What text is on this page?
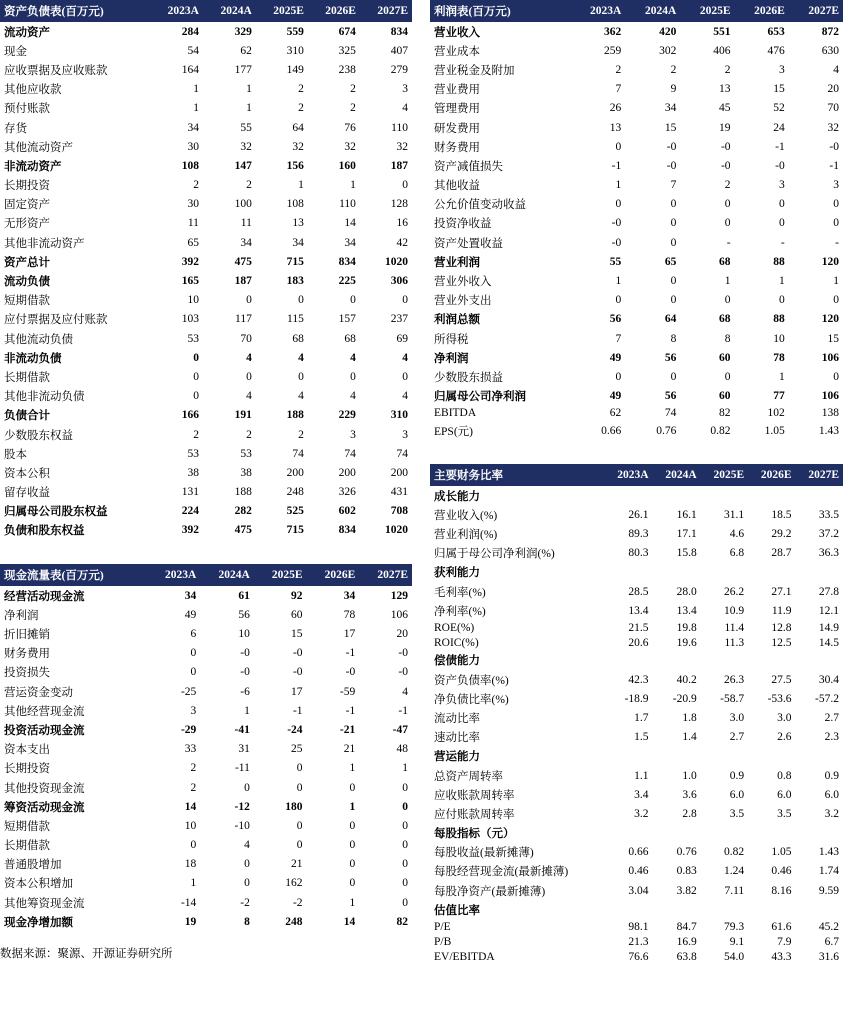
资产负债表(百万元)	2023A	2024A	2025E	2026E	2027E
流动资产	284	329	559	674	834
现金	54	62	310	325	407
应收票据及应收账款	164	177	149	238	279
其他应收款	1	1	2	2	3
预付账款	1	1	2	2	4
存货	34	55	64	76	110
其他流动资产	30	32	32	32	32
非流动资产	108	147	156	160	187
长期投资	2	2	1	1	0
固定资产	30	100	108	110	128
无形资产	11	11	13	14	16
其他非流动资产	65	34	34	34	42
资产总计	392	475	715	834	1020
流动负债	165	187	183	225	306
短期借款	10	0	0	0	0
应付票据及应付账款	103	117	115	157	237
其他流动负债	53	70	68	68	69
非流动负债	0	4	4	4	4
长期借款	0	0	0	0	0
其他非流动负债	0	4	4	4	4
负债合计	166	191	188	229	310
少数股东权益	2	2	2	3	3
股本	53	53	74	74	74
资本公积	38	38	200	200	200
留存收益	131	188	248	326	431
归属母公司股东权益	224	282	525	602	708
负债和股东权益	392	475	715	834	1020
现金流量表(百万元)	2023A	2024A	2025E	2026E	2027E
经营活动现金流	34	61	92	34	129
净利润	49	56	60	78	106
折旧摊销	6	10	15	17	20
财务费用	0	-0	-0	-1	-0
投资损失	0	-0	-0	-0	-0
营运资金变动	-25	-6	17	-59	4
其他经营现金流	3	1	-1	-1	-1
投资活动现金流	-29	-41	-24	-21	-47
资本支出	33	31	25	21	48
长期投资	2	-11	0	1	1
其他投资现金流	2	0	0	0	0
筹资活动现金流	14	-12	180	1	0
短期借款	10	-10	0	0	0
长期借款	0	4	0	0	0
普通股增加	18	0	21	0	0
资本公积增加	1	0	162	0	0
其他筹资现金流	-14	-2	-2	1	0
现金净增加额	19	8	248	14	82
数据来源：聚源、开源证券研究所
利润表(百万元)	2023A	2024A	2025E	2026E	2027E
营业收入	362	420	551	653	872
营业成本	259	302	406	476	630
营业税金及附加	2	2	2	3	4
营业费用	7	9	13	15	20
管理费用	26	34	45	52	70
研发费用	13	15	19	24	32
财务费用	0	-0	-0	-1	-0
资产减值损失	-1	-0	-0	-0	-1
其他收益	1	7	2	3	3
公允价值变动收益	0	0	0	0	0
投资净收益	-0	0	0	0	0
资产处置收益	-0	0	-	-	-
营业利润	55	65	68	88	120
营业外收入	1	0	1	1	1
营业外支出	0	0	0	0	0
利润总额	56	64	68	88	120
所得税	7	8	8	10	15
净利润	49	56	60	78	106
少数股东损益	0	0	0	1	0
归属母公司净利润	49	56	60	77	106
EBITDA	62	74	82	102	138
EPS(元)	0.66	0.76	0.82	1.05	1.43
主要财务比率	2023A	2024A	2025E	2026E	2027E
成长能力					
营业收入(%)	26.1	16.1	31.1	18.5	33.5
营业利润(%)	89.3	17.1	4.6	29.2	37.2
归属于母公司净利润(%)	80.3	15.8	6.8	28.7	36.3
获利能力					
毛利率(%)	28.5	28.0	26.2	27.1	27.8
净利率(%)	13.4	13.4	10.9	11.9	12.1
ROE(%)	21.5	19.8	11.4	12.8	14.9
ROIC(%)	20.6	19.6	11.3	12.5	14.5
偿债能力					
资产负债率(%)	42.3	40.2	26.3	27.5	30.4
净负债比率(%)	-18.9	-20.9	-58.7	-53.6	-57.2
流动比率	1.7	1.8	3.0	3.0	2.7
速动比率	1.5	1.4	2.7	2.6	2.3
营运能力					
总资产周转率	1.1	1.0	0.9	0.8	0.9
应收账款周转率	3.4	3.6	6.0	6.0	6.0
应付账款周转率	3.2	2.8	3.5	3.5	3.2
每股指标（元）					
每股收益(最新摊薄)	0.66	0.76	0.82	1.05	1.43
每股经营现金流(最新摊薄)	0.46	0.83	1.24	0.46	1.74
每股净资产(最新摊薄)	3.04	3.82	7.11	8.16	9.59
估值比率					
P/E	98.1	84.7	79.3	61.6	45.2
P/B	21.3	16.9	9.1	7.9	6.7
EV/EBITDA	76.6	63.8	54.0	43.3	31.6
